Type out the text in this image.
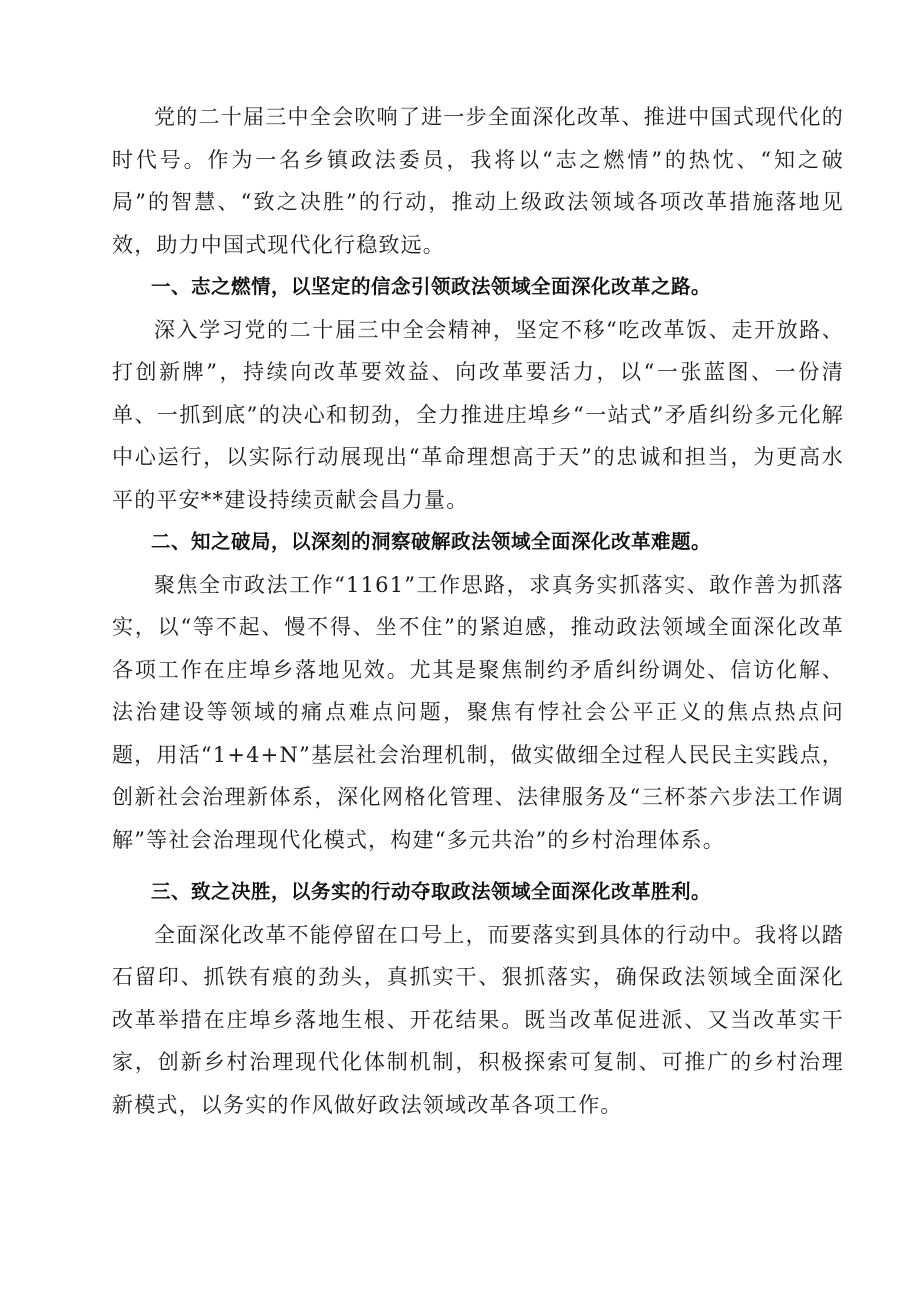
党的二十届三中全会吹响了进一步全面深化改革、推进中国式现代化的时代号。作为一名乡镇政法委员，我将以“志之燃情”的热忱、“知之破局”的智慧、“致之决胜”的行动，推动上级政法领域各项改革措施落地见效，助力中国式现代化行稳致远。

一、志之燃情，以坚定的信念引领政法领域全面深化改革之路。

深入学习党的二十届三中全会精神，坚定不移“吃改革饭、走开放路、打创新牌”，持续向改革要效益、向改革要活力，以“一张蓝图、一份清单、一抓到底”的决心和韧劲，全力推进庄埠乡“一站式”矛盾纠纷多元化解中心运行，以实际行动展现出“革命理想高于天”的忠诚和担当，为更高水平的平安**建设持续贡献会昌力量。

二、知之破局，以深刻的洞察破解政法领域全面深化改革难题。

聚焦全市政法工作“1161”工作思路，求真务实抓落实、敢作善为抓落实，以“等不起、慢不得、坐不住”的紧迫感，推动政法领域全面深化改革各项工作在庄埠乡落地见效。尤其是聚焦制约矛盾纠纷调处、信访化解、法治建设等领域的痛点难点问题，聚焦有悖社会公平正义的焦点热点问题，用活“1+4+N”基层社会治理机制，做实做细全过程人民民主实践点，创新社会治理新体系，深化网格化管理、法律服务及“三杯茶六步法工作调解”等社会治理现代化模式，构建“多元共治”的乡村治理体系。

三、致之决胜，以务实的行动夺取政法领域全面深化改革胜利。

全面深化改革不能停留在口号上，而要落实到具体的行动中。我将以踏石留印、抓铁有痕的劲头，真抓实干、狠抓落实，确保政法领域全面深化改革举措在庄埠乡落地生根、开花结果。既当改革促进派、又当改革实干家，创新乡村治理现代化体制机制，积极探索可复制、可推广的乡村治理新模式，以务实的作风做好政法领域改革各项工作。
